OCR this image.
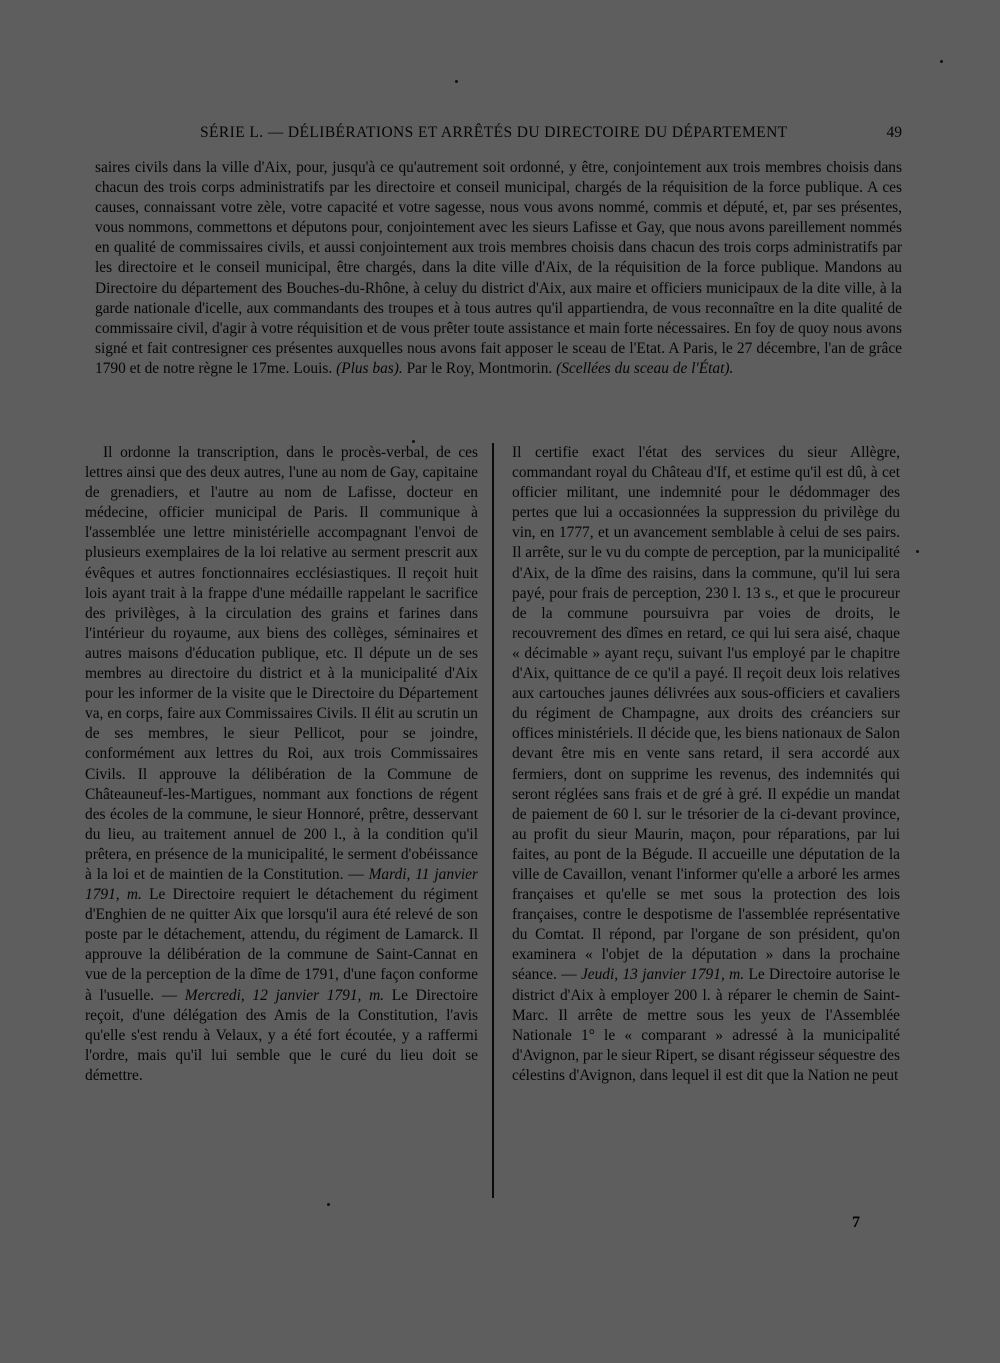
SÉRIE L. — DÉLIBÉRATIONS ET ARRÊTÉS DU DIRECTOIRE DU DÉPARTEMENT	49
saires civils dans la ville d'Aix, pour, jusqu'à ce qu'autrement soit ordonné, y être, conjointement aux trois membres choisis dans chacun des trois corps administratifs par les directoire et conseil municipal, chargés de la réquisition de la force publique. A ces causes, connaissant votre zèle, votre capacité et votre sagesse, nous vous avons nommé, commis et député, et, par ses présentes, vous nommons, commettons et députons pour, conjointement avec les sieurs Lafisse et Gay, que nous avons pareillement nommés en qualité de commissaires civils, et aussi conjointement aux trois membres choisis dans chacun des trois corps administratifs par les directoire et le conseil municipal, être chargés, dans la dite ville d'Aix, de la réquisition de la force publique. Mandons au Directoire du département des Bouches-du-Rhône, à celuy du district d'Aix, aux maire et officiers municipaux de la dite ville, à la garde nationale d'icelle, aux commandants des troupes et à tous autres qu'il appartiendra, de vous reconnaître en la dite qualité de commissaire civil, d'agir à votre réquisition et de vous prêter toute assistance et main forte nécessaires. En foy de quoy nous avons signé et fait contresigner ces présentes auxquelles nous avons fait apposer le sceau de l'Etat. A Paris, le 27 décembre, l'an de grâce 1790 et de notre règne le 17me. Louis. (Plus bas). Par le Roy, Montmorin. (Scellées du sceau de l'État).
Il ordonne la transcription, dans le procès-verbal, de ces lettres ainsi que des deux autres, l'une au nom de Gay, capitaine de grenadiers, et l'autre au nom de Lafisse, docteur en médecine, officier municipal de Paris. Il communique à l'assemblée une lettre ministérielle accompagnant l'envoi de plusieurs exemplaires de la loi relative au serment prescrit aux évêques et autres fonctionnaires ecclésiastiques. Il reçoit huit lois ayant trait à la frappe d'une médaille rappelant le sacrifice des privilèges, à la circulation des grains et farines dans l'intérieur du royaume, aux biens des collèges, séminaires et autres maisons d'éducation publique, etc. Il députe un de ses membres au directoire du district et à la municipalité d'Aix pour les informer de la visite que le Directoire du Département va, en corps, faire aux Commissaires Civils. Il élit au scrutin un de ses membres, le sieur Pellicot, pour se joindre, conformément aux lettres du Roi, aux trois Commissaires Civils. Il approuve la délibération de la Commune de Châteauneuf-les-Martigues, nommant aux fonctions de régent des écoles de la commune, le sieur Honnoré, prêtre, desservant du lieu, au traitement annuel de 200 l., à la condition qu'il prêtera, en présence de la municipalité, le serment d'obéissance à la loi et de maintien de la Constitution. — Mardi, 11 janvier 1791, m. Le Directoire requiert le détachement du régiment d'Enghien de ne quitter Aix que lorsqu'il aura été relevé de son poste par le détachement, attendu, du régiment de Lamarck. Il approuve la délibération de la commune de Saint-Cannat en vue de la perception de la dîme de 1791, d'une façon conforme à l'usuelle. — Mercredi, 12 janvier 1791, m. Le Directoire reçoit, d'une délégation des Amis de la Constitution, l'avis qu'elle s'est rendu à Velaux, y a été fort écoutée, y a raffermi l'ordre, mais qu'il lui semble que le curé du lieu doit se démettre.
Il certifie exact l'état des services du sieur Allègre, commandant royal du Château d'If, et estime qu'il est dû, à cet officier militant, une indemnité pour le dédommager des pertes que lui a occasionnées la suppression du privilège du vin, en 1777, et un avancement semblable à celui de ses pairs. Il arrête, sur le vu du compte de perception, par la municipalité d'Aix, de la dîme des raisins, dans la commune, qu'il lui sera payé, pour frais de perception, 230 l. 13 s., et que le procureur de la commune poursuivra par voies de droits, le recouvrement des dîmes en retard, ce qui lui sera aisé, chaque « décimable » ayant reçu, suivant l'us employé par le chapitre d'Aix, quittance de ce qu'il a payé. Il reçoit deux lois relatives aux cartouches jaunes délivrées aux sous-officiers et cavaliers du régiment de Champagne, aux droits des créanciers sur offices ministériels. Il décide que, les biens nationaux de Salon devant être mis en vente sans retard, il sera accordé aux fermiers, dont on supprime les revenus, des indemnités qui seront réglées sans frais et de gré à gré. Il expédie un mandat de paiement de 60 l. sur le trésorier de la ci-devant province, au profit du sieur Maurin, maçon, pour réparations, par lui faites, au pont de la Bégude. Il accueille une députation de la ville de Cavaillon, venant l'informer qu'elle a arboré les armes françaises et qu'elle se met sous la protection des lois françaises, contre le despotisme de l'assemblée représentative du Comtat. Il répond, par l'organe de son président, qu'on examinera « l'objet de la députation » dans la prochaine séance. — Jeudi, 13 janvier 1791, m. Le Directoire autorise le district d'Aix à employer 200 l. à réparer le chemin de Saint-Marc. Il arrête de mettre sous les yeux de l'Assemblée Nationale 1° le « comparant » adressé à la municipalité d'Avignon, par le sieur Ripert, se disant régisseur séquestre des célestins d'Avignon, dans lequel il est dit que la Nation ne peut
7
